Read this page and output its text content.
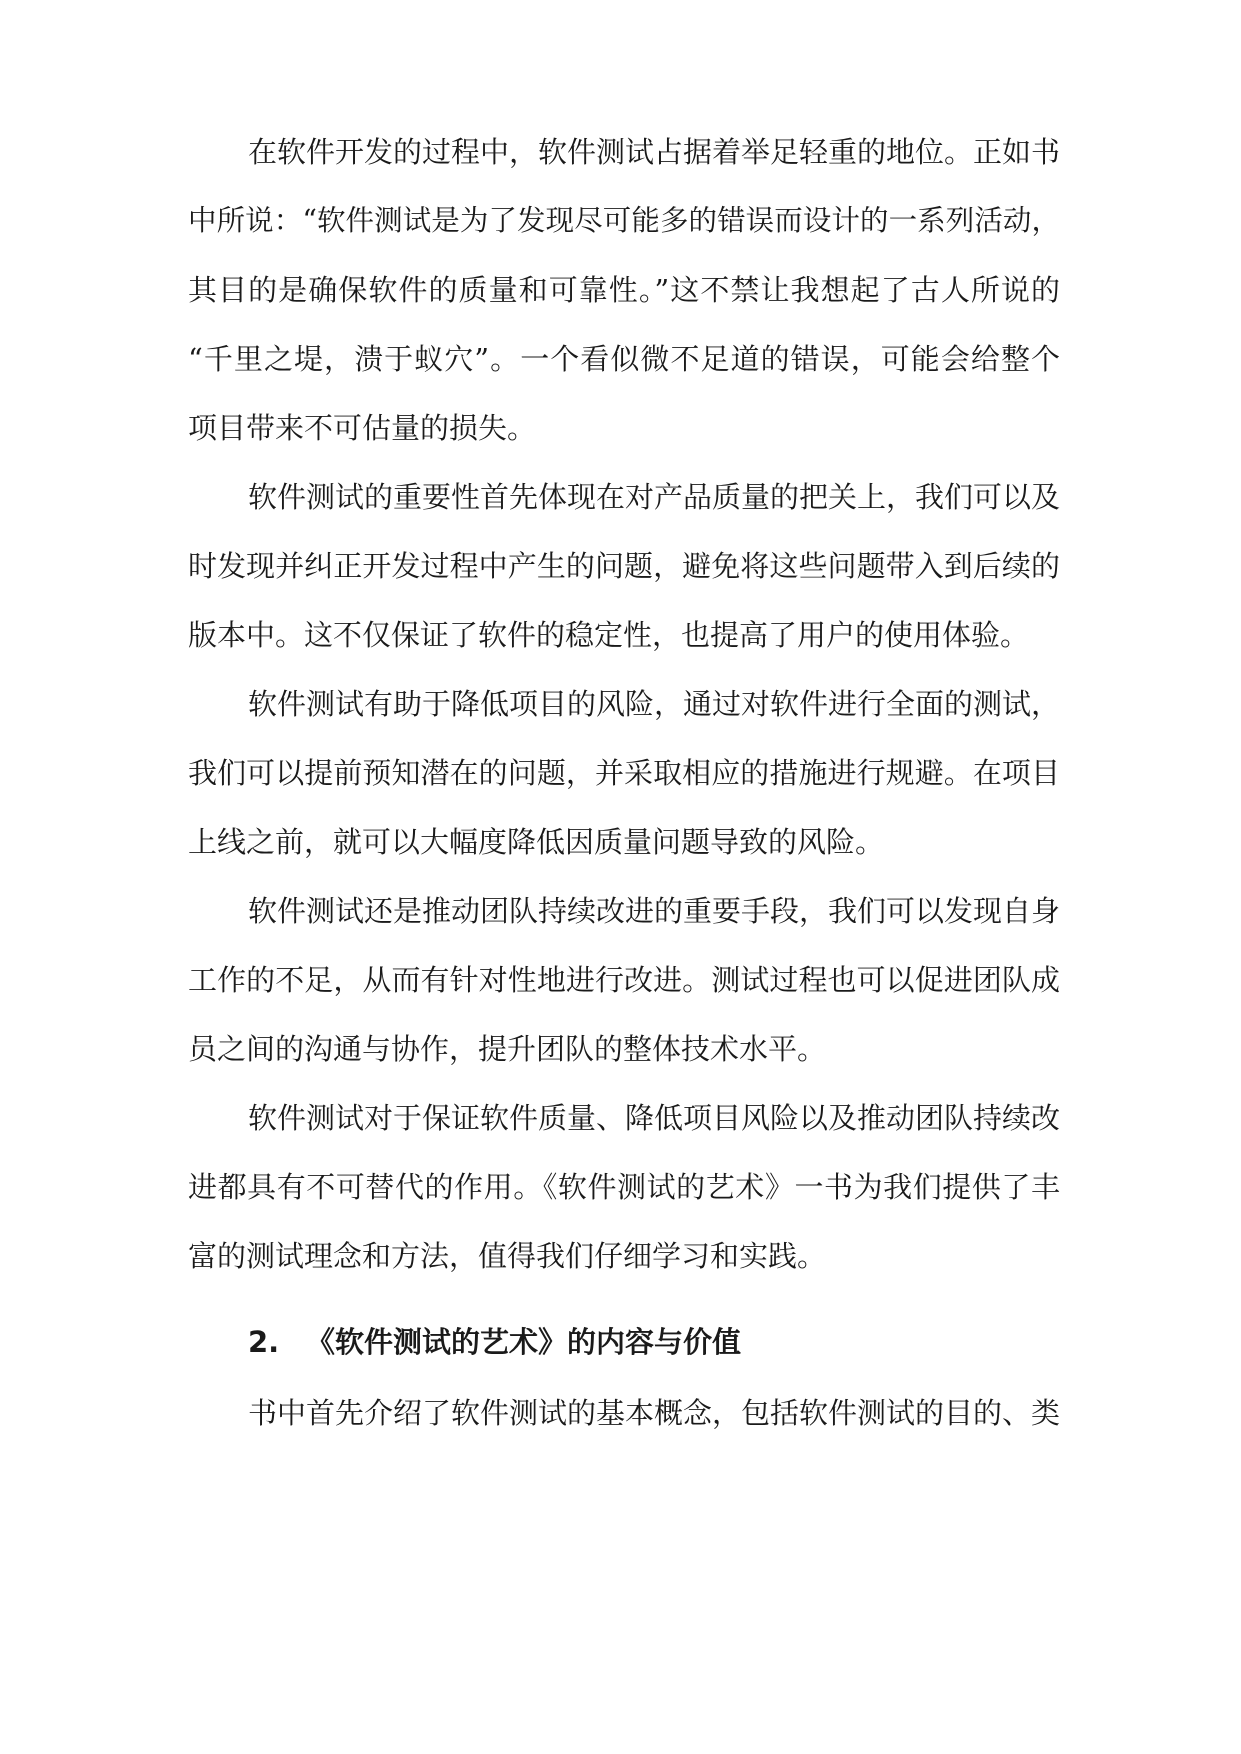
在软件开发的过程中，软件测试占据着举足轻重的地位。正如书
中所说：“软件测试是为了发现尽可能多的错误而设计的一系列活动，
其目的是确保软件的质量和可靠性。”这不禁让我想起了古人所说的
“千里之堤，溃于蚁穴”。一个看似微不足道的错误，可能会给整个
项目带来不可估量的损失。
软件测试的重要性首先体现在对产品质量的把关上，我们可以及
时发现并纠正开发过程中产生的问题，避免将这些问题带入到后续的
版本中。这不仅保证了软件的稳定性，也提高了用户的使用体验。
软件测试有助于降低项目的风险，通过对软件进行全面的测试，
我们可以提前预知潜在的问题，并采取相应的措施进行规避。在项目
上线之前，就可以大幅度降低因质量问题导致的风险。
软件测试还是推动团队持续改进的重要手段，我们可以发现自身
工作的不足，从而有针对性地进行改进。测试过程也可以促进团队成
员之间的沟通与协作，提升团队的整体技术水平。
软件测试对于保证软件质量、降低项目风险以及推动团队持续改
进都具有不可替代的作用。《软件测试的艺术》一书为我们提供了丰
富的测试理念和方法，值得我们仔细学习和实践。
2. 《软件测试的艺术》的内容与价值
书中首先介绍了软件测试的基本概念，包括软件测试的目的、类
